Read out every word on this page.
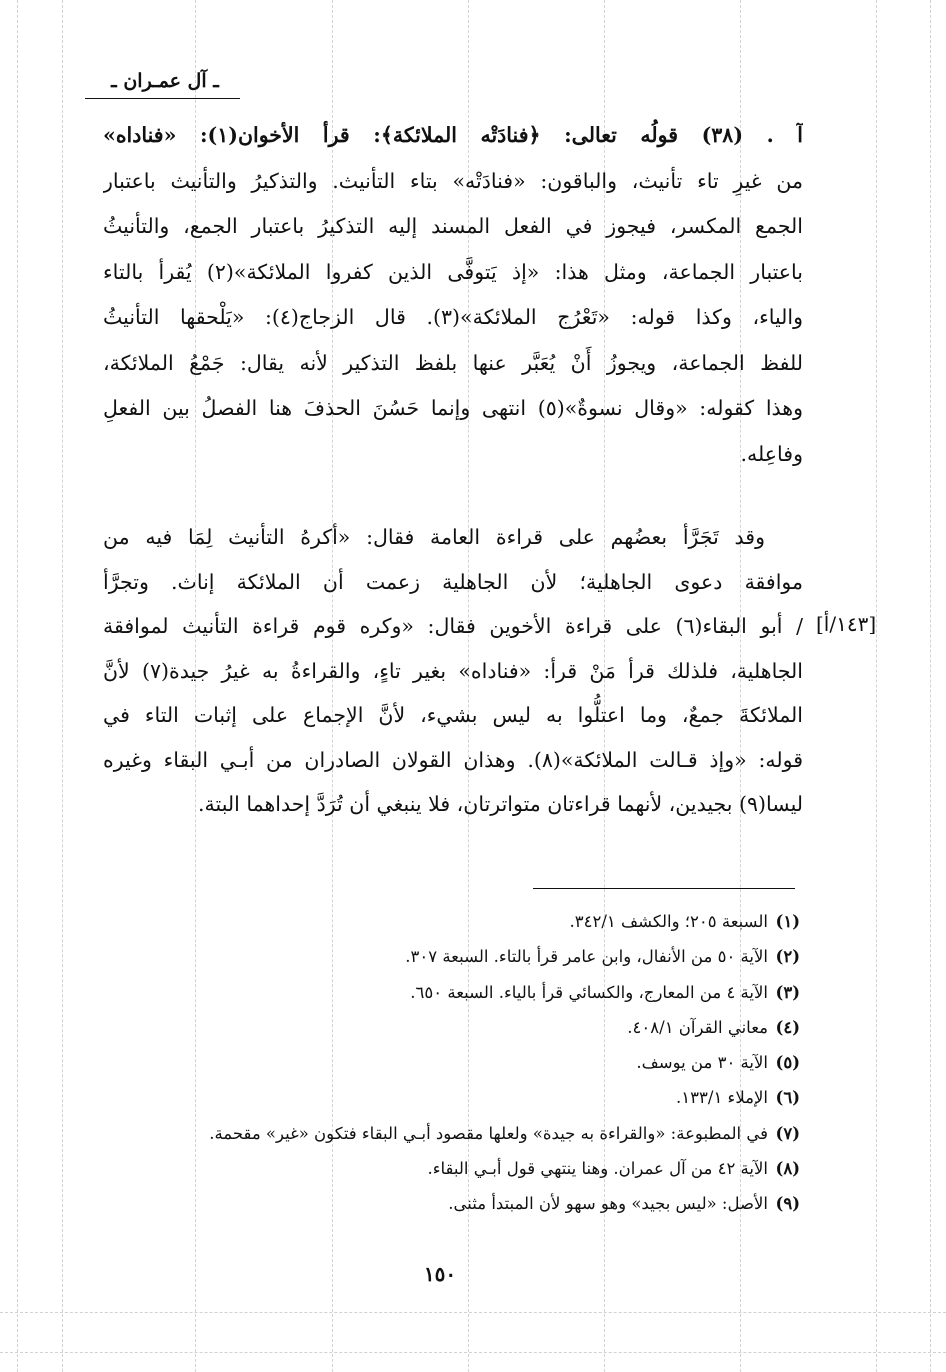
ـ آل عمـران ـ
آ . (٣٨) قولُه تعالى: ﴿فنادَتْه الملائكة﴾: قرأ الأخوان(١): «فناداه»
من غيرِ تاء تأنيث، والباقون: «فنادَتْه» بتاء التأنيث. والتذكيرُ والتأنيث باعتبار
الجمع المكسر، فيجوز في الفعل المسند إليه التذكيرُ باعتبار الجمع، والتأنيثُ
باعتبار الجماعة، ومثل هذا: «إذ يَتوفَّى الذين كفروا الملائكة»(٢) يُقرأ بالتاء
والياء، وكذا قوله: «تَعْرُج الملائكة»(٣). قال الزجاج(٤): «يَلْحقها التأنيثُ
للفظ الجماعة، ويجوزُ أَنْ يُعَبَّر عنها بلفظ التذكير لأنه يقال: جَمْعُ الملائكة،
وهذا كقوله: «وقال نسوةٌ»(٥) انتهى وإنما حَسُنَ الحذفَ هنا الفصلُ بين الفعلِ
وفاعِله.
وقد تَجَرَّأ بعضُهم على قراءة العامة فقال: «أكرهُ التأنيث لِمَا فيه من
موافقة دعوى الجاهلية؛ لأن الجاهلية زعمت أن الملائكة إناث. وتجرَّأ
/ أبو البقاء(٦) على قراءة الأخوين فقال: «وكره قوم قراءة التأنيث لموافقة
الجاهلية، فلذلك قرأ مَنْ قرأ: «فناداه» بغير تاءٍ، والقراءةُ به غيرُ جيدة(٧) لأنَّ
الملائكةَ جمعٌ، وما اعتلُّوا به ليس بشيء، لأنَّ الإجماع على إثبات التاء في
قوله: «وإذ قـالت الملائكة»(٨). وهذان القولان الصادران من أبـي البقاء وغيره
ليسا(٩) بجيدين، لأنهما قراءتان متواترتان، فلا ينبغي أن تُرَدَّ إحداهما البتة.
[١٤٣/أ]
(١)السبعة ٢٠٥؛ والكشف ٣٤٢/١.
(٢)الآية ٥٠ من الأنفال، وابن عامر قرأ بالتاء. السبعة ٣٠٧.
(٣)الآية ٤ من المعارج، والكسائي قرأ بالياء. السبعة ٦٥٠.
(٤)معاني القرآن ٤٠٨/١.
(٥)الآية ٣٠ من يوسف.
(٦)الإملاء ١٣٣/١.
(٧)في المطبوعة: «والقراءة به جيدة» ولعلها مقصود أبـي البقاء فتكون «غير» مقحمة.
(٨)الآية ٤٢ من آل عمران. وهنا ينتهي قول أبـي البقاء.
(٩)الأصل: «ليس بجيد» وهو سهو لأن المبتدأ مثنى.
١٥٠
